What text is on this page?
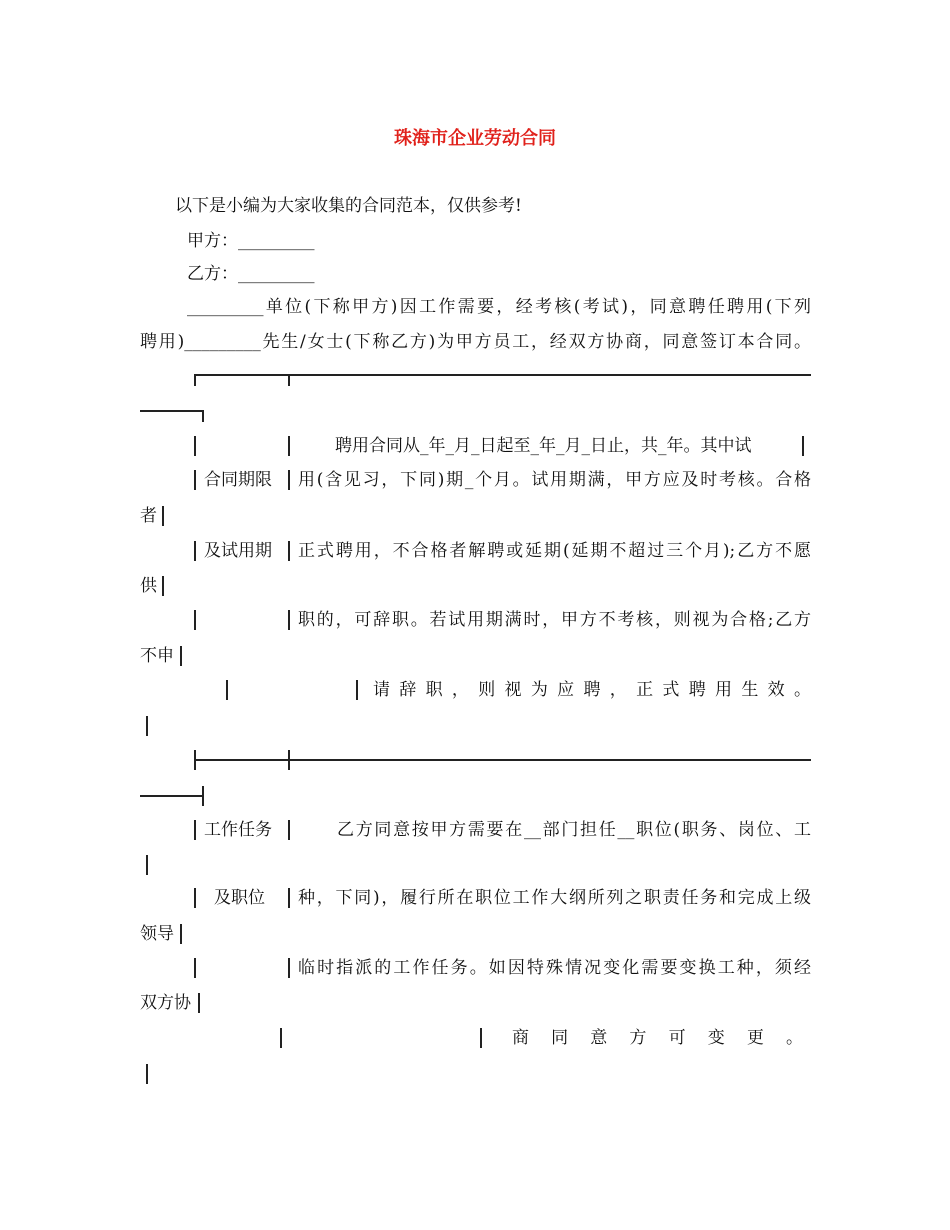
珠海市企业劳动合同
以下是小编为大家收集的合同范本，仅供参考!
甲方：_________
乙方：_________
_________单位(下称甲方)因工作需要，经考核(考试)，同意聘任聘用(下列
聘用)_________先生/女士(下称乙方)为甲方员工，经双方协商，同意签订本合同。
聘用合同从_年_月_日起至_年_月_日止，共_年。其中试
合同期限 用(含见习，下同)期_个月。试用期满，甲方应及时考核。合格
者
及试用期 正式聘用，不合格者解聘或延期(延期不超过三个月);乙方不愿
供
职的，可辞职。若试用期满时，甲方不考核，则视为合格;乙方
不申
请辞职，则视为应聘，正式聘用生效。
工作任务	乙方同意按甲方需要在__部门担任__职位(职务、岗位、工
及职位 种，下同)，履行所在职位工作大纲所列之职责任务和完成上级
领导
临时指派的工作任务。如因特殊情况变化需要变换工种，须经
双方协
商同意方可变更。
